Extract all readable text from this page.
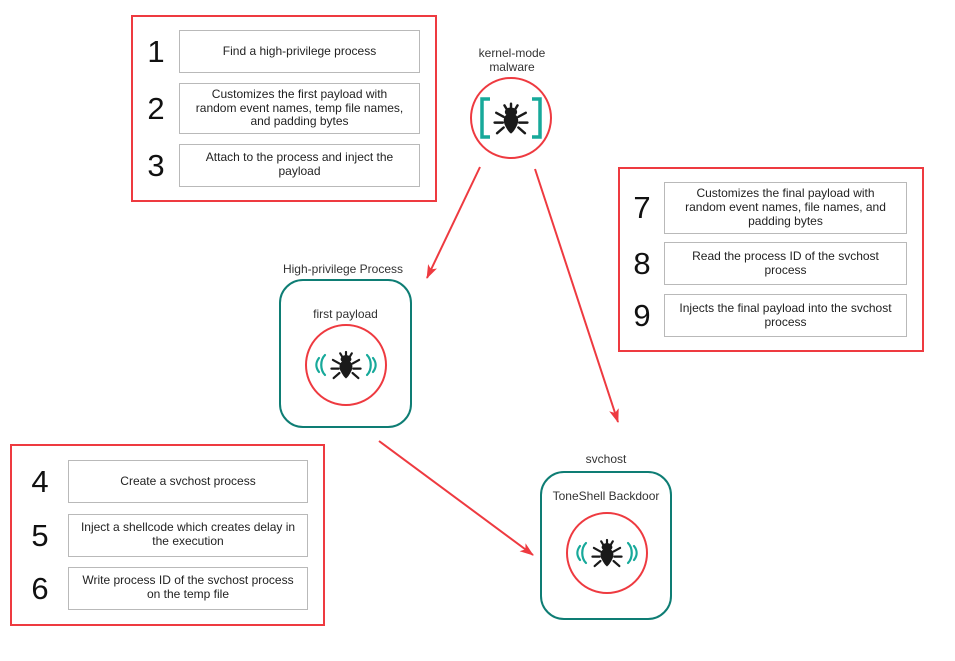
1	Find a high-privilege process
2	Customizes the first payload with random event names, temp file names, and padding bytes
3	Attach to the process and inject the payload
4	Create a svchost process
5	Inject a shellcode which creates delay in the execution
6	Write process ID of the svchost process on the temp file
7	Customizes the final payload with random event names, file names, and padding bytes
8	Read the process ID of the svchost process
9	Injects the final payload into the svchost process
kernel-mode malware
High-privilege Process
first payload
svchost
ToneShell Backdoor
